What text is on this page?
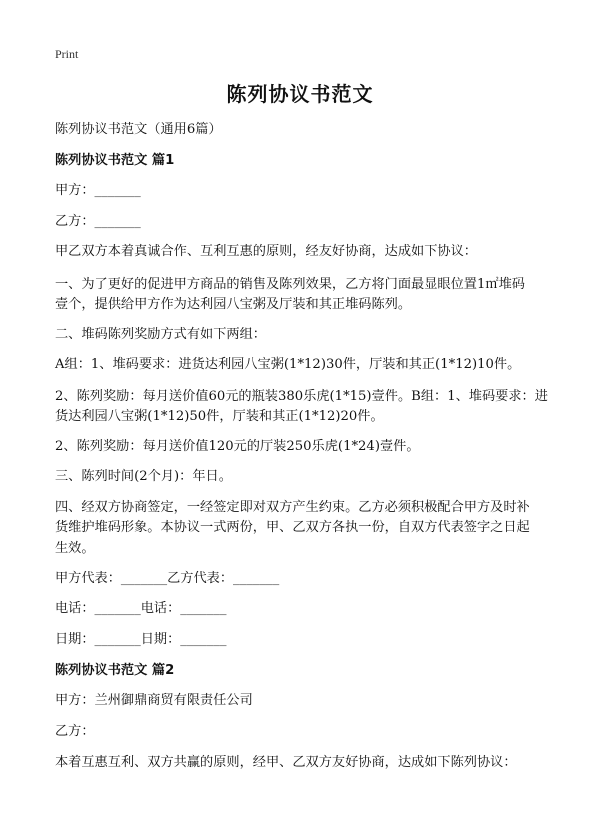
Print
陈列协议书范文
陈列协议书范文（通用6篇）
陈列协议书范文 篇1
甲方：_______
乙方：_______
甲乙双方本着真诚合作、互利互惠的原则，经友好协商，达成如下协议：
一、为了更好的促进甲方商品的销售及陈列效果，乙方将门面最显眼位置1㎡堆码
壹个，提供给甲方作为达利园八宝粥及厅装和其正堆码陈列。
二、堆码陈列奖励方式有如下两组：
A组：1、堆码要求：进货达利园八宝粥(1*12)30件，厅装和其正(1*12)10件。
2、陈列奖励：每月送价值60元的瓶装380乐虎(1*15)壹件。B组：1、堆码要求：进
货达利园八宝粥(1*12)50件，厅装和其正(1*12)20件。
2、陈列奖励：每月送价值120元的厅装250乐虎(1*24)壹件。
三、陈列时间(2个月)：年日。
四、经双方协商签定，一经签定即对双方产生约束。乙方必须积极配合甲方及时补
货维护堆码形象。本协议一式两份，甲、乙双方各执一份，自双方代表签字之日起
生效。
甲方代表：_______乙方代表：_______
电话：_______电话：_______
日期：_______日期：_______
陈列协议书范文 篇2
甲方：兰州御鼎商贸有限责任公司
乙方：
本着互惠互利、双方共赢的原则，经甲、乙双方友好协商，达成如下陈列协议：
